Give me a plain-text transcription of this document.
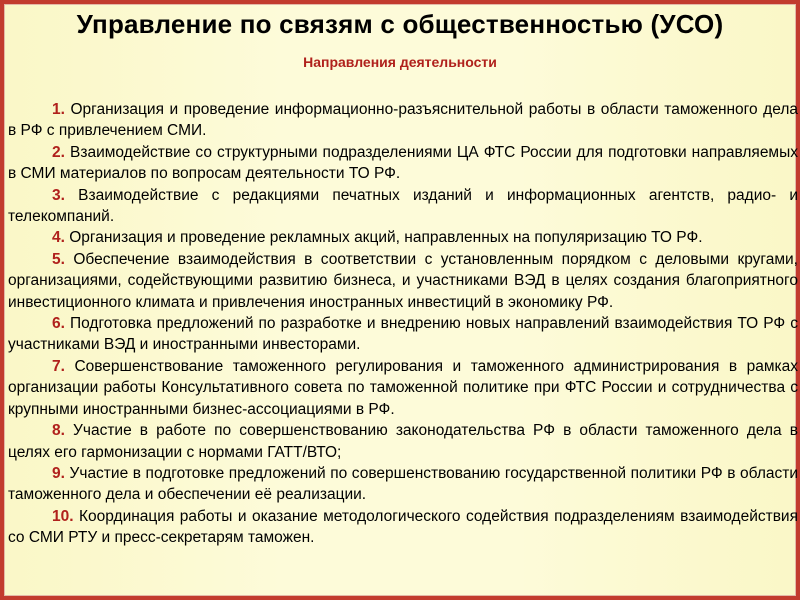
Управление по связям с общественностью (УСО)
Направления деятельности
1. Организация и проведение информационно-разъяснительной работы в области таможенного дела в РФ с привлечением СМИ.
2. Взаимодействие со структурными подразделениями ЦА ФТС России для подготовки направляемых в СМИ материалов по вопросам деятельности ТО РФ.
3. Взаимодействие с редакциями печатных изданий и информационных агентств, радио- и телекомпаний.
4. Организация и проведение рекламных акций, направленных на популяризацию ТО РФ.
5. Обеспечение взаимодействия в соответствии с установленным порядком с деловыми кругами, организациями, содействующими развитию бизнеса, и участниками ВЭД в целях создания благоприятного инвестиционного климата и привлечения иностранных инвестиций в экономику РФ.
6. Подготовка предложений по разработке и внедрению новых направлений взаимодействия ТО РФ с участниками ВЭД и иностранными инвесторами.
7. Совершенствование таможенного регулирования и таможенного администрирования в рамках организации работы Консультативного совета по таможенной политике при ФТС России и сотрудничества с крупными иностранными бизнес-ассоциациями в РФ.
8. Участие в работе по совершенствованию законодательства РФ в области таможенного дела в целях его гармонизации с нормами ГАТТ/ВТО;
9. Участие в подготовке предложений по совершенствованию государственной политики РФ в области таможенного дела и обеспечении её реализации.
10. Координация работы и оказание методологического содействия подразделениям взаимодействия со СМИ РТУ и пресс-секретарям таможен.
